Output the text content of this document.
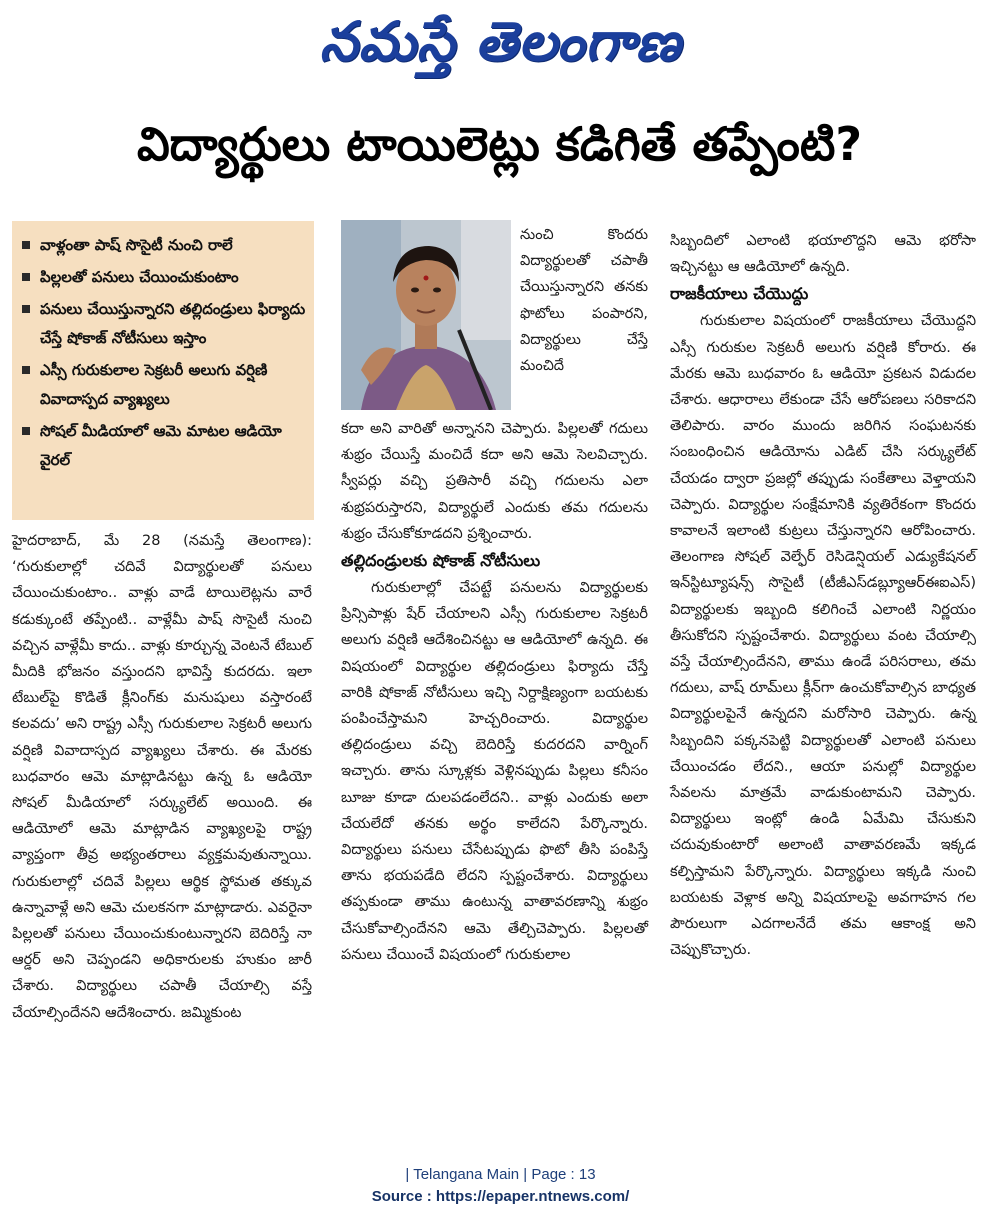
నమస్తే తెలంగాణ
విద్యార్థులు టాయిలెట్లు కడిగితే తప్పేంటి?
వాళ్లంతా పాష్ సొసైటీ నుంచి రాలే
పిల్లలతో పనులు చేయించుకుంటాం
పనులు చేయిస్తున్నారని తల్లిదండ్రులు ఫిర్యాదు చేస్తే షోకాజ్ నోటీసులు ఇస్తాం
ఎస్సీ గురుకులాల సెక్రటరీ అలుగు వర్షిణి వివాదాస్పద వ్యాఖ్యలు
సోషల్ మీడియాలో ఆమె మాటల ఆడియో వైరల్

హైదరాబాద్, మే 28 (నమస్తే తెలంగాణ): ‘గురుకులాల్లో చదివే విద్యార్థులతో పనులు చేయించుకుంటాం.. వాళ్లు వాడే టాయిలెట్లను వారే కడుక్కుంటే తప్పేంటి.. వాళ్లేమీ పాష్ సొసైటీ నుంచి వచ్చిన వాళ్లేమీ కాదు.. వాళ్లు కూర్చున్న వెంటనే టేబుల్ మీదికి భోజనం వస్తుందని భావిస్తే కుదరదు. ఇలా టేబుల్‌పై కొడితే క్లీనింగ్‌కు మనుషులు వస్తారంటే కలవదు’ అని రాష్ట్ర ఎస్సీ గురుకులాల సెక్రటరీ అలుగు వర్షిణి వివాదాస్పద వ్యాఖ్యలు చేశారు. ఈ మేరకు బుధవారం ఆమె మాట్లాడినట్టు ఉన్న ఓ ఆడియో సోషల్ మీడియాలో సర్క్యులేట్ అయింది. ఈ ఆడియోలో ఆమె మాట్లాడిన వ్యాఖ్యలపై రాష్ట్ర వ్యాప్తంగా తీవ్ర అభ్యంతరాలు వ్యక్తమవుతున్నాయి. గురుకులాల్లో చదివే పిల్లలు ఆర్థిక స్థోమత తక్కువ ఉన్నావాళ్లే అని ఆమె చులకనగా మాట్లాడారు. ఎవరైనా పిల్లలతో పనులు చేయించుకుంటున్నారని బెదిరిస్తే నా ఆర్డర్ అని చెప్పండని అధికారులకు హుకుం జారీ చేశారు. విద్యార్థులు చపాతీ చేయాల్సి వస్తే చేయాల్సిందేనని ఆదేశించారు. జమ్మికుంట

నుంచి కొందరు విద్యార్థులతో చపాతీ చేయిస్తున్నారని తనకు ఫొటోలు పంపారని, విద్యార్థులు చేస్తే మంచిదే

కదా అని వారితో అన్నానని చెప్పారు. పిల్లలతో గదులు శుభ్రం చేయిస్తే మంచిదే కదా అని ఆమె సెలవిచ్చారు. స్వీపర్లు వచ్చి ప్రతిసారీ వచ్చి గదులను ఎలా శుభ్రపరుస్తారని, విద్యార్థులే ఎందుకు తమ గదులను శుభ్రం చేసుకోకూడదని ప్రశ్నించారు.

తల్లిదండ్రులకు షోకాజ్ నోటీసులు

గురుకులాల్లో చేపట్టే పనులను విద్యార్థులకు ప్రిన్సిపాళ్లు షేర్ చేయాలని ఎస్సీ గురుకులాల సెక్రటరీ అలుగు వర్షిణి ఆదేశించినట్టు ఆ ఆడియోలో ఉన్నది. ఈ విషయంలో విద్యార్థుల తల్లిదండ్రులు ఫిర్యాదు చేస్తే వారికి షోకాజ్ నోటీసులు ఇచ్చి నిర్దాక్షిణ్యంగా బయటకు పంపించేస్తామని హెచ్చరించారు. విద్యార్థుల తల్లిదండ్రులు వచ్చి బెదిరిస్తే కుదరదని వార్నింగ్ ఇచ్చారు. తాను స్కూళ్లకు వెళ్లినప్పుడు పిల్లలు కనీసం బూజు కూడా దులపడంలేదని.. వాళ్లు ఎందుకు అలా చేయలేదో తనకు అర్థం కాలేదని పేర్కొన్నారు. విద్యార్థులు పనులు చేసేటప్పుడు ఫొటో తీసి పంపిస్తే తాను భయపడేది లేదని స్పష్టంచేశారు. విద్యార్థులు తప్పకుండా తాము ఉంటున్న వాతావరణాన్ని శుభ్రం చేసుకోవాల్సిందేనని ఆమె తేల్చిచెప్పారు. పిల్లలతో పనులు చేయించే విషయంలో గురుకులాల

సిబ్బందిలో ఎలాంటి భయాలొద్దని ఆమె భరోసా ఇచ్చినట్టు ఆ ఆడియోలో ఉన్నది.

రాజకీయాలు చేయొద్దు

గురుకులాల విషయంలో రాజకీయాలు చేయొద్దని ఎస్సీ గురుకుల సెక్రటరీ అలుగు వర్షిణి కోరారు. ఈ మేరకు ఆమె బుధవారం ఓ ఆడియో ప్రకటన విడుదల చేశారు. ఆధారాలు లేకుండా చేసే ఆరోపణలు సరికాదని తెలిపారు. వారం ముందు జరిగిన సంఘటనకు సంబంధించిన ఆడియోను ఎడిట్ చేసి సర్క్యులేట్ చేయడం ద్వారా ప్రజల్లో తప్పుడు సంకేతాలు వెళ్తాయని చెప్పారు. విద్యార్థుల సంక్షేమానికి వ్యతిరేకంగా కొందరు కావాలనే ఇలాంటి కుట్రలు చేస్తున్నారని ఆరోపించారు. తెలంగాణ సోషల్ వెల్ఫేర్ రెసిడెన్షియల్ ఎడ్యుకేషనల్ ఇన్‌స్టిట్యూషన్స్ సొసైటీ (టీజీఎస్‌డబ్ల్యూఆర్‌ఈఐఎస్) విద్యార్థులకు ఇబ్బంది కలిగించే ఎలాంటి నిర్ణయం తీసుకోదని స్పష్టంచేశారు. విద్యార్థులు వంట చేయాల్సి వస్తే చేయాల్సిందేనని, తాము ఉండే పరిసరాలు, తమ గదులు, వాష్ రూమ్‌లు క్లీన్‌గా ఉంచుకోవాల్సిన బాధ్యత విద్యార్థులపైనే ఉన్నదని మరోసారి చెప్పారు. ఉన్న సిబ్బందిని పక్కనపెట్టి విద్యార్థులతో ఎలాంటి పనులు చేయించడం లేదని., ఆయా పనుల్లో విద్యార్థుల సేవలను మాత్రమే వాడుకుంటామని చెప్పారు. విద్యార్థులు ఇంట్లో ఉండి ఏమేమి చేసుకుని చదువుకుంటారో అలాంటి వాతావరణమే ఇక్కడ కల్పిస్తామని పేర్కొన్నారు. విద్యార్థులు ఇక్కడి నుంచి బయటకు వెళ్లాక అన్ని విషయాలపై అవగాహన గల పౌరులుగా ఎదగాలనేదే తమ ఆకాంక్ష అని చెప్పుకొచ్చారు.

| Telangana Main | Page : 13
Source : https://epaper.ntnews.com/
